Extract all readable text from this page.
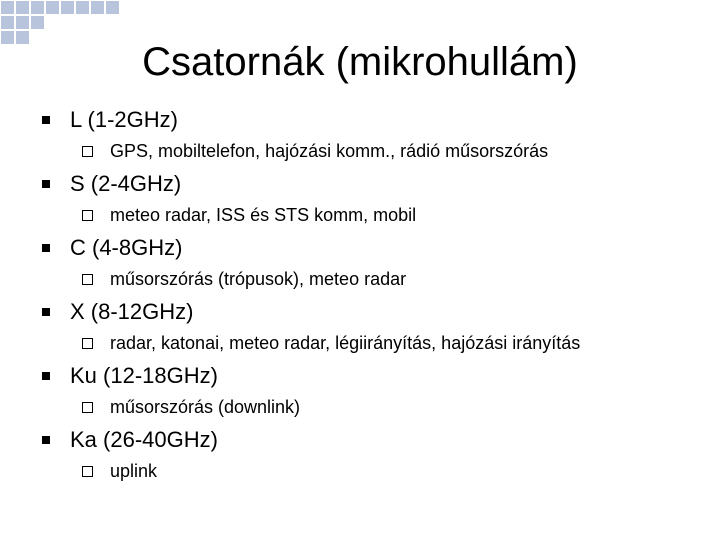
Csatornák (mikrohullám)
L (1-2GHz)
GPS, mobiltelefon, hajózási komm., rádió műsorszórás
S (2-4GHz)
meteo radar, ISS és STS komm, mobil
C (4-8GHz)
műsorszórás (trópusok), meteo radar
X (8-12GHz)
radar, katonai, meteo radar, légiirányítás, hajózási irányítás
Ku (12-18GHz)
műsorszórás (downlink)
Ka (26-40GHz)
uplink
